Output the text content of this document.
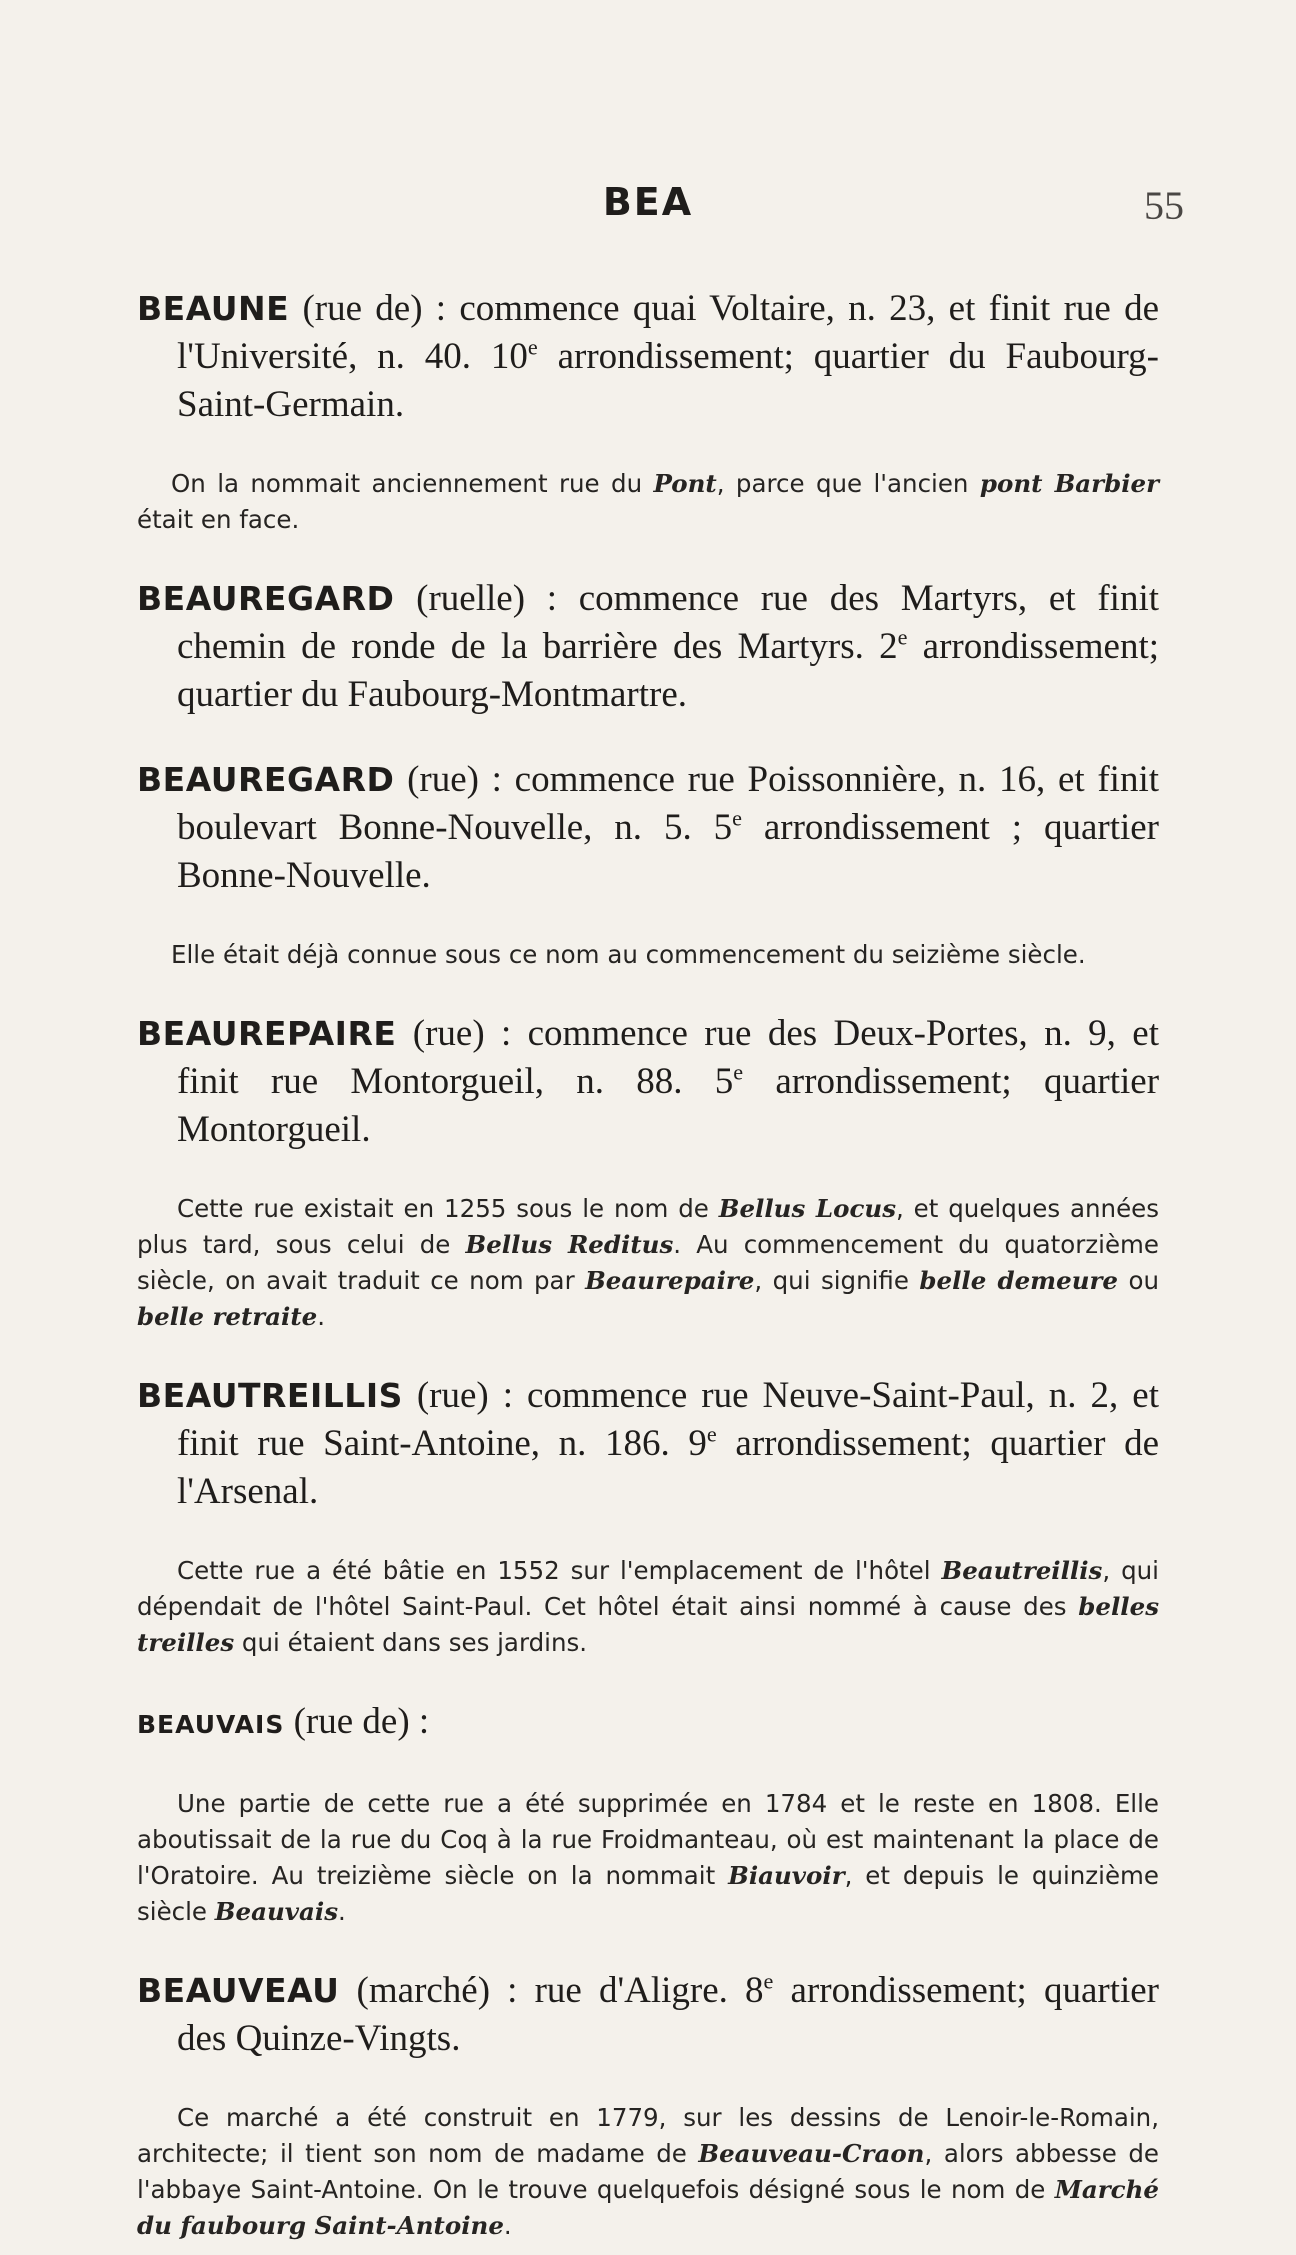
BEA	55

BEAUNE (rue de) : commence quai Voltaire, n. 23, et finit rue de l'Université, n. 40. 10e arrondissement; quartier du Faubourg-Saint-Germain.

On la nommait anciennement rue du Pont, parce que l'ancien pont Barbier était en face.

BEAUREGARD (ruelle) : commence rue des Martyrs, et finit chemin de ronde de la barrière des Martyrs. 2e arrondissement; quartier du Faubourg-Montmartre.

BEAUREGARD (rue) : commence rue Poissonnière, n. 16, et finit boulevart Bonne-Nouvelle, n. 5. 5e arrondissement ; quartier Bonne-Nouvelle.

Elle était déjà connue sous ce nom au commencement du seizième siècle.

BEAUREPAIRE (rue) : commence rue des Deux-Portes, n. 9, et finit rue Montorgueil, n. 88. 5e arrondissement; quartier Montorgueil.

Cette rue existait en 1255 sous le nom de Bellus Locus, et quelques années plus tard, sous celui de Bellus Reditus. Au commencement du quatorzième siècle, on avait traduit ce nom par Beaurepaire, qui signifie belle demeure ou belle retraite.

BEAUTREILLIS (rue) : commence rue Neuve-Saint-Paul, n. 2, et finit rue Saint-Antoine, n. 186. 9e arrondissement; quartier de l'Arsenal.

Cette rue a été bâtie en 1552 sur l'emplacement de l'hôtel Beautreillis, qui dépendait de l'hôtel Saint-Paul. Cet hôtel était ainsi nommé à cause des belles treilles qui étaient dans ses jardins.

BEAUVAIS (rue de) :

Une partie de cette rue a été supprimée en 1784 et le reste en 1808. Elle aboutissait de la rue du Coq à la rue Froidmanteau, où est maintenant la place de l'Oratoire. Au treizième siècle on la nommait Biauvoir, et depuis le quinzième siècle Beauvais.

BEAUVEAU (marché) : rue d'Aligre. 8e arrondissement; quartier des Quinze-Vingts.

Ce marché a été construit en 1779, sur les dessins de Lenoir-le-Romain, architecte; il tient son nom de madame de Beauveau-Craon, alors abbesse de l'abbaye Saint-Antoine. On le trouve quelquefois désigné sous le nom de Marché du faubourg Saint-Antoine.
